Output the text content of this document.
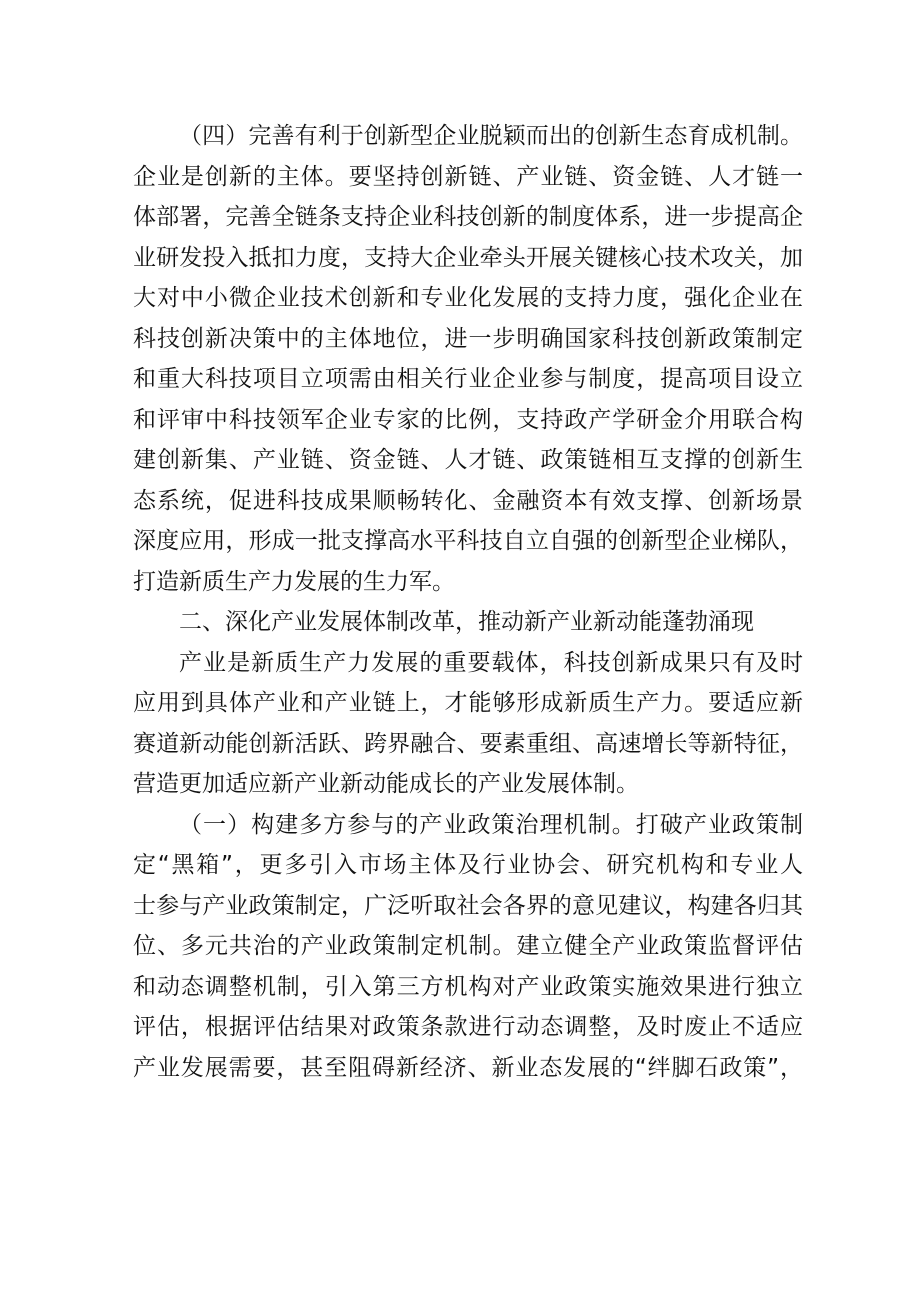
（四）完善有利于创新型企业脱颖而出的创新生态育成机制。
企业是创新的主体。要坚持创新链、产业链、资金链、人才链一
体部署，完善全链条支持企业科技创新的制度体系，进一步提高企
业研发投入抵扣力度，支持大企业牵头开展关键核心技术攻关，加
大对中小微企业技术创新和专业化发展的支持力度，强化企业在
科技创新决策中的主体地位，进一步明确国家科技创新政策制定
和重大科技项目立项需由相关行业企业参与制度，提高项目设立
和评审中科技领军企业专家的比例，支持政产学研金介用联合构
建创新集、产业链、资金链、人才链、政策链相互支撑的创新生
态系统，促进科技成果顺畅转化、金融资本有效支撑、创新场景
深度应用，形成一批支撑高水平科技自立自强的创新型企业梯队，
打造新质生产力发展的生力军。
二、深化产业发展体制改革，推动新产业新动能蓬勃涌现
产业是新质生产力发展的重要载体，科技创新成果只有及时
应用到具体产业和产业链上，才能够形成新质生产力。要适应新
赛道新动能创新活跃、跨界融合、要素重组、高速增长等新特征，
营造更加适应新产业新动能成长的产业发展体制。
（一）构建多方参与的产业政策治理机制。打破产业政策制
定“黑箱”，更多引入市场主体及行业协会、研究机构和专业人
士参与产业政策制定，广泛听取社会各界的意见建议，构建各归其
位、多元共治的产业政策制定机制。建立健全产业政策监督评估
和动态调整机制，引入第三方机构对产业政策实施效果进行独立
评估，根据评估结果对政策条款进行动态调整，及时废止不适应
产业发展需要，甚至阻碍新经济、新业态发展的“绊脚石政策”，
